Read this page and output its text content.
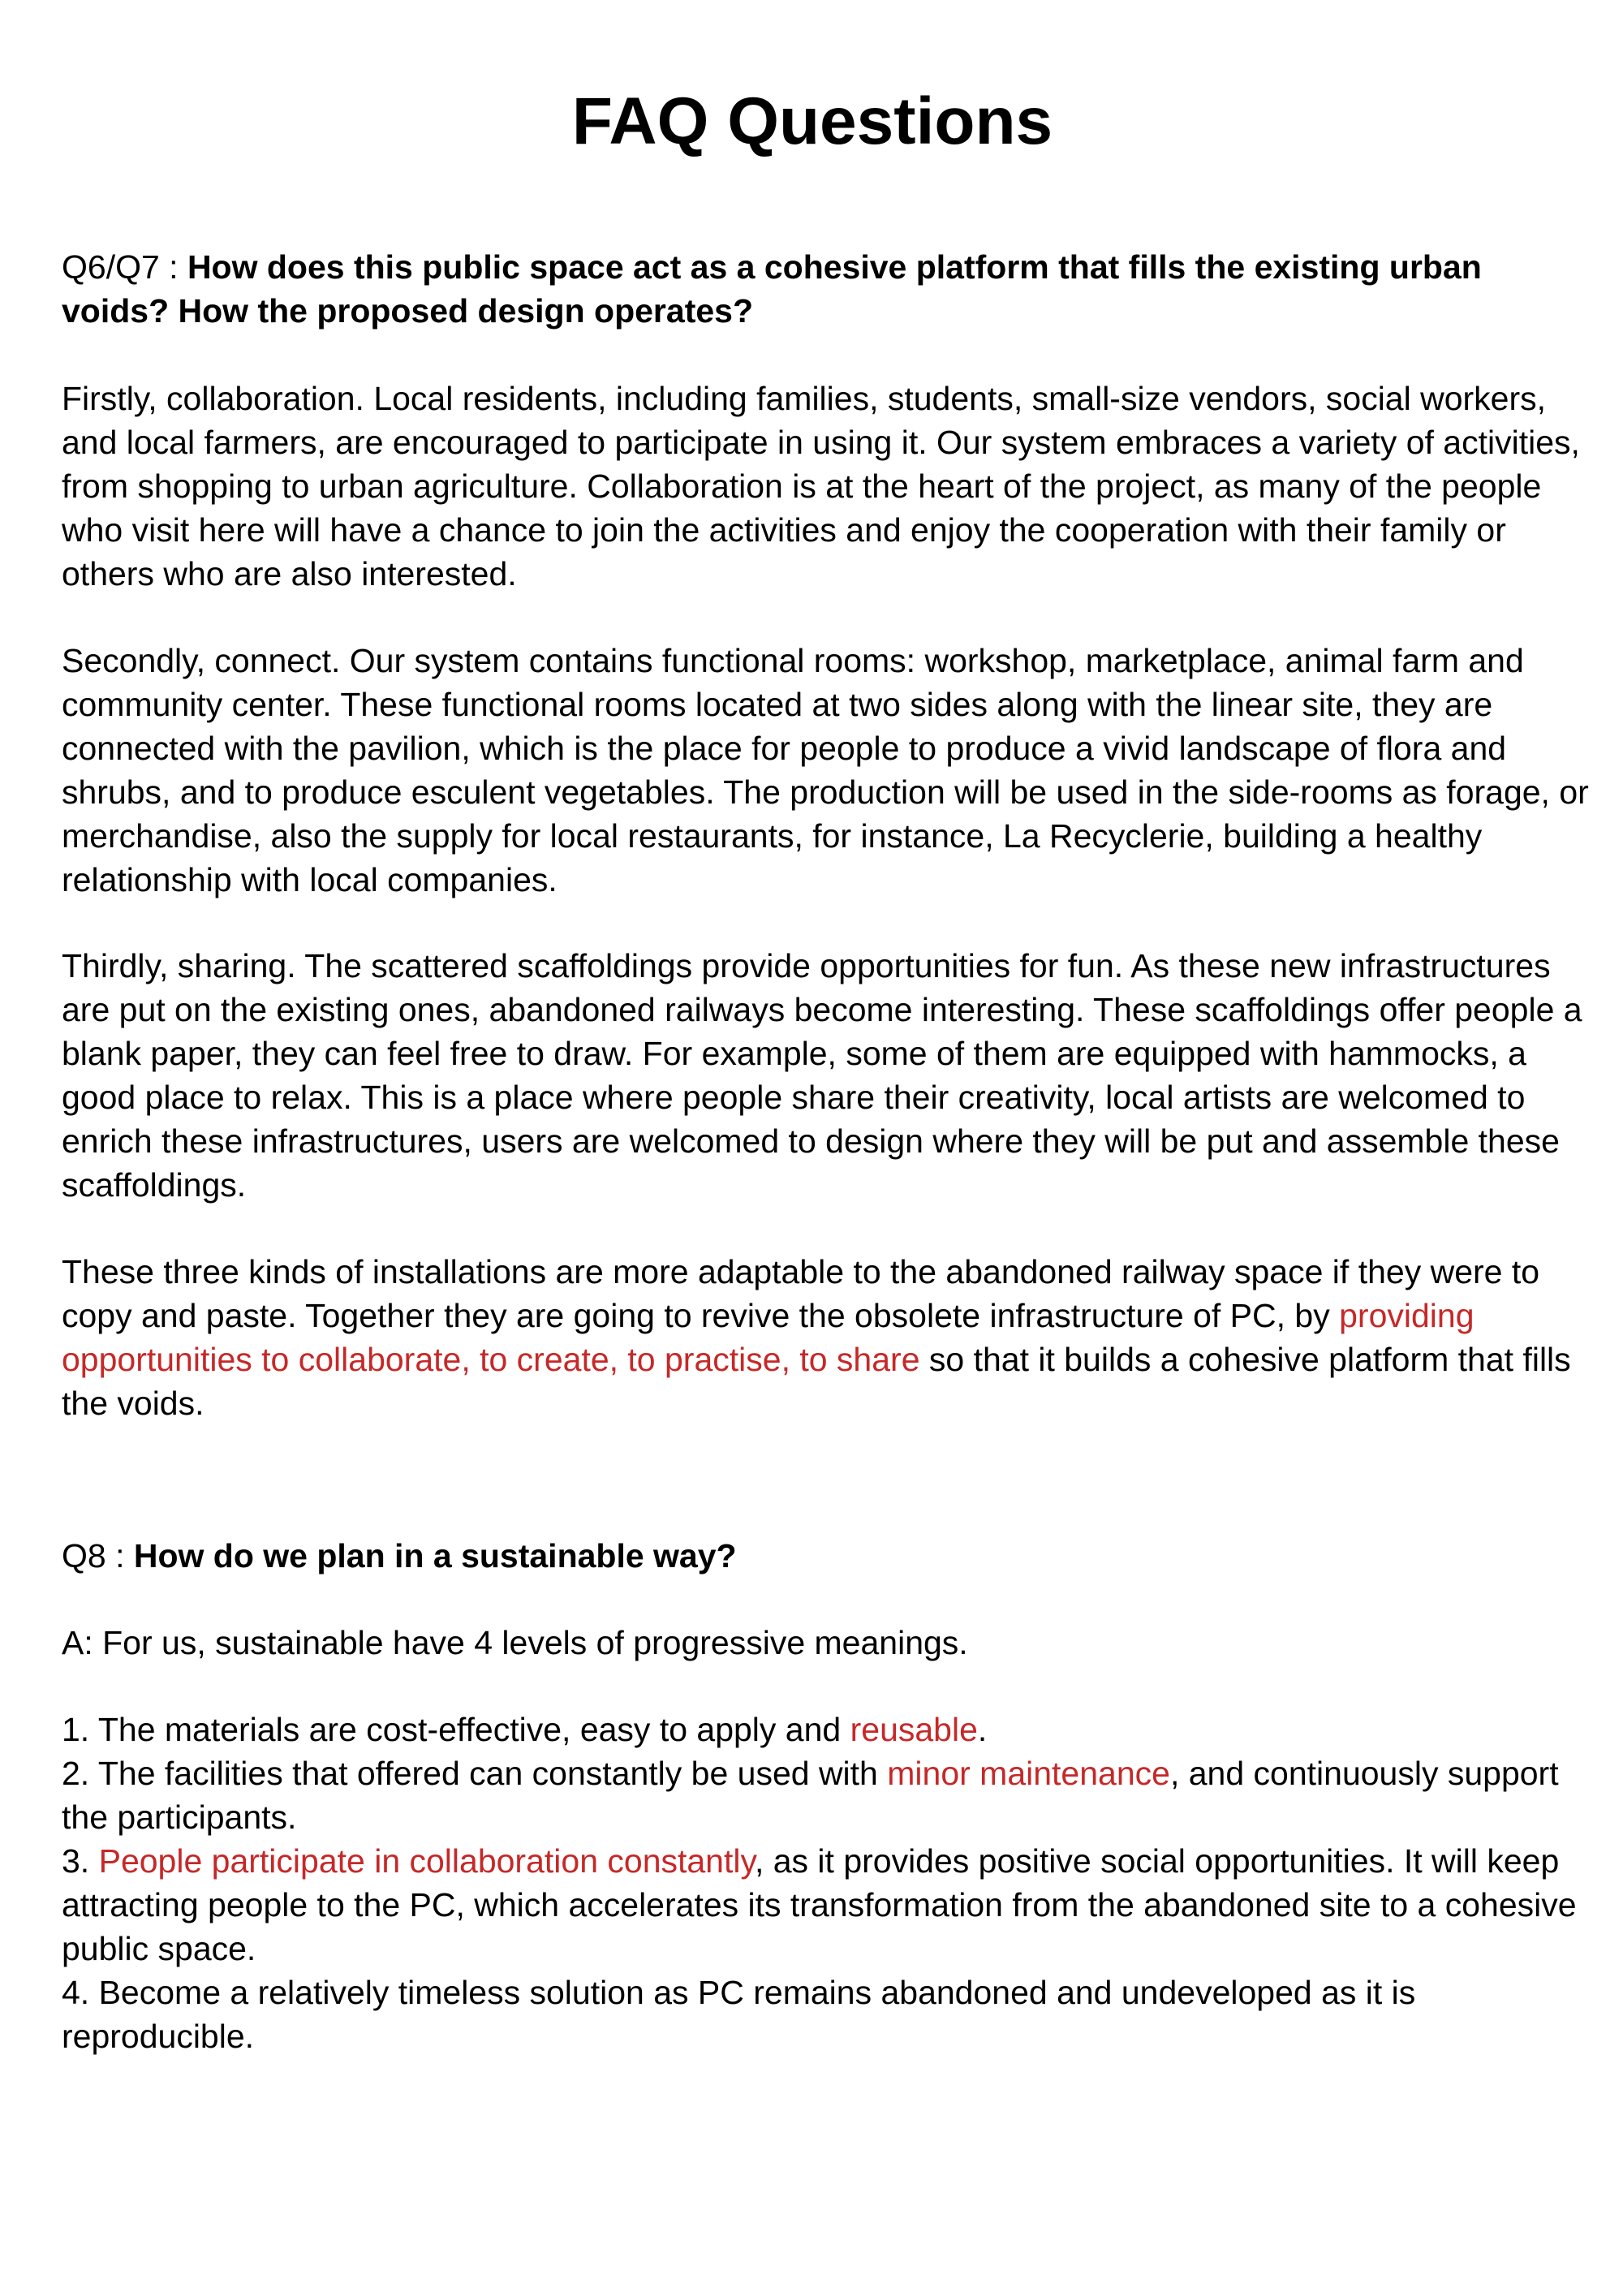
FAQ Questions

Q6/Q7 : How does this public space act as a cohesive platform that fills the existing urban voids? How the proposed design operates?

Firstly, collaboration. Local residents, including families, students, small-size vendors, social workers, and local farmers, are encouraged to participate in using it. Our system embraces a variety of activities, from shopping to urban agriculture. Collaboration is at the heart of the project, as many of the people who visit here will have a chance to join the activities and enjoy the cooperation with their family or others who are also interested.

Secondly, connect. Our system contains functional rooms: workshop, marketplace, animal farm and community center. These functional rooms located at two sides along with the linear site, they are connected with the pavilion, which is the place for people to produce a vivid landscape of flora and shrubs, and to produce esculent vegetables. The production will be used in the side-rooms as forage, or merchandise, also the supply for local restaurants, for instance, La Recyclerie, building a healthy relationship with local companies.

Thirdly, sharing. The scattered scaffoldings provide opportunities for fun. As these new infrastructures are put on the existing ones, abandoned railways become interesting. These scaffoldings offer people a blank paper, they can feel free to draw. For example, some of them are equipped with hammocks, a good place to relax. This is a place where people share their creativity, local artists are welcomed to enrich these infrastructures, users are welcomed to design where they will be put and assemble these scaffoldings.

These three kinds of installations are more adaptable to the abandoned railway space if they were to copy and paste. Together they are going to revive the obsolete infrastructure of PC, by providing opportunities to collaborate, to create, to practise, to share so that it builds a cohesive platform that fills the voids.

Q8 : How do we plan in a sustainable way?

A: For us, sustainable have 4 levels of progressive meanings.

1. The materials are cost-effective, easy to apply and reusable.
2. The facilities that offered can constantly be used with minor maintenance, and continuously support the participants.
3. People participate in collaboration constantly, as it provides positive social opportunities. It will keep attracting people to the PC, which accelerates its transformation from the abandoned site to a cohesive public space.
4. Become a relatively timeless solution as PC remains abandoned and undeveloped as it is reproducible.
